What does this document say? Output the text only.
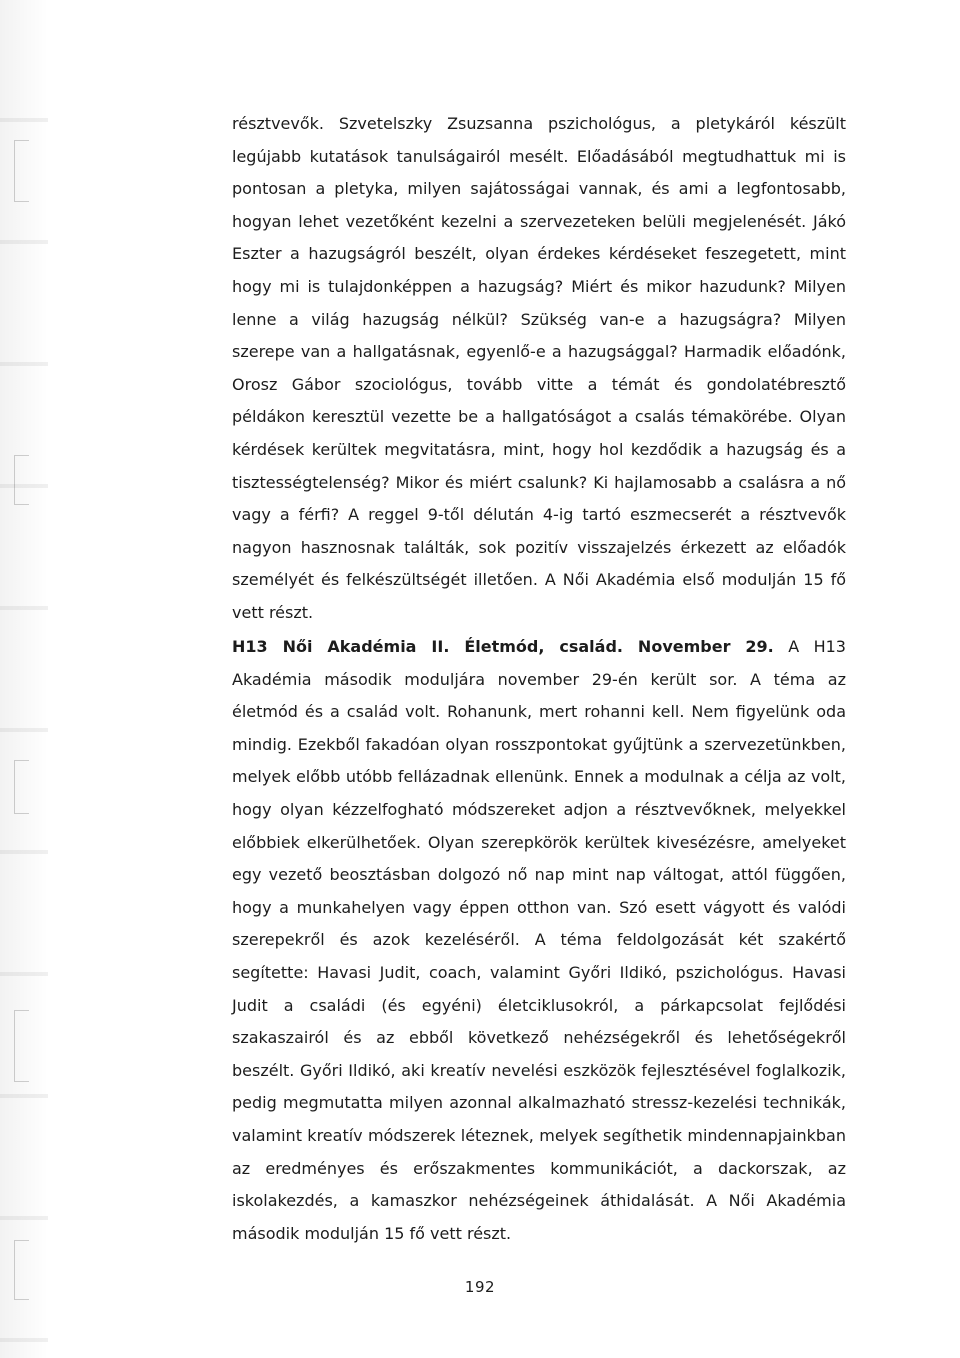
résztvevők. Szvetelszky Zsuzsanna pszichológus, a pletykáról készült legújabb kutatások tanulságairól mesélt. Előadásából megtudhattuk mi is pontosan a pletyka, milyen sajátosságai vannak, és ami a legfontosabb, hogyan lehet vezetőként kezelni a szervezeteken belüli megjelenését. Jákó Eszter a hazugságról beszélt, olyan érdekes kérdéseket feszegetett, mint hogy mi is tulajdonképpen a hazugság? Miért és mikor hazudunk? Milyen lenne a világ hazugság nélkül? Szükség van-e a hazugságra? Milyen szerepe van a hallgatásnak, egyenlő-e a hazugsággal? Harmadik előadónk, Orosz Gábor szociológus, tovább vitte a témát és gondolatébresztő példákon keresztül vezette be a hallgatóságot a csalás témakörébe. Olyan kérdések kerültek megvitatásra, mint, hogy hol kezdődik a hazugság és a tisztességtelenség? Mikor és miért csalunk? Ki hajlamosabb a csalásra a nő vagy a férfi? A reggel 9-től délután 4-ig tartó eszmecserét a résztvevők nagyon hasznosnak találták, sok pozitív visszajelzés érkezett az előadók személyét és felkészültségét illetően. A Női Akadémia első modulján 15 fő vett részt.

H13 Női Akadémia II. Életmód, család. November 29. A H13 Akadémia második moduljára november 29-én került sor. A téma az életmód és a család volt. Rohanunk, mert rohanni kell. Nem figyelünk oda mindig. Ezekből fakadóan olyan rosszpontokat gyűjtünk a szervezetünkben, melyek előbb utóbb fellázadnak ellenünk. Ennek a modulnak a célja az volt, hogy olyan kézzelfogható módszereket adjon a résztvevőknek, melyekkel előbbiek elkerülhetőek. Olyan szerepkörök kerültek kivesézésre, amelyeket egy vezető beosztásban dolgozó nő nap mint nap váltogat, attól függően, hogy a munkahelyen vagy éppen otthon van. Szó esett vágyott és valódi szerepekről és azok kezeléséről. A téma feldolgozását két szakértő segítette: Havasi Judit, coach, valamint Győri Ildikó, pszichológus. Havasi Judit a családi (és egyéni) életciklusokról, a párkapcsolat fejlődési szakaszairól és az ebből következő nehézségekről és lehetőségekről beszélt. Győri Ildikó, aki kreatív nevelési eszközök fejlesztésével foglalkozik, pedig megmutatta milyen azonnal alkalmazható stressz-kezelési technikák, valamint kreatív módszerek léteznek, melyek segíthetik mindennapjainkban az eredményes és erőszakmentes kommunikációt, a dackorszak, az iskolakezdés, a kamaszkor nehézségeinek áthidalását. A Női Akadémia második modulján 15 fő vett részt.

192
